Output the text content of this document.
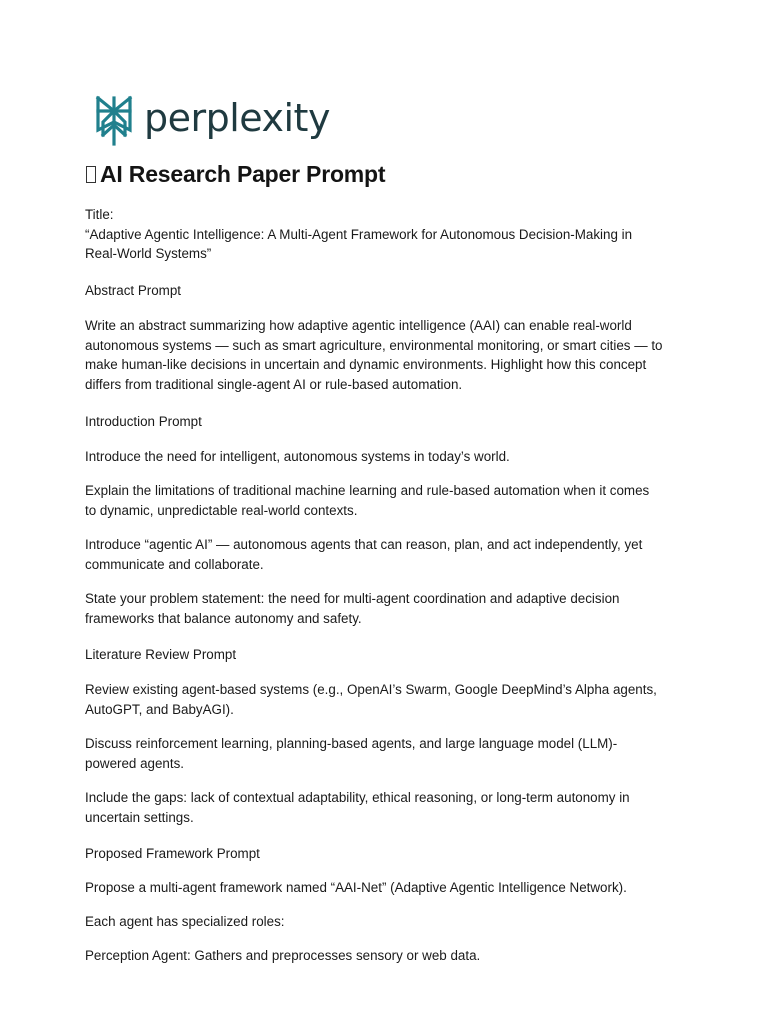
perplexity
AI Research Paper Prompt
Title:
“Adaptive Agentic Intelligence: A Multi-Agent Framework for Autonomous Decision-Making in
Real-World Systems”
Abstract Prompt
Write an abstract summarizing how adaptive agentic intelligence (AAI) can enable real-world
autonomous systems — such as smart agriculture, environmental monitoring, or smart cities — to
make human-like decisions in uncertain and dynamic environments. Highlight how this concept
differs from traditional single-agent AI or rule-based automation.
Introduction Prompt
Introduce the need for intelligent, autonomous systems in today’s world.
Explain the limitations of traditional machine learning and rule-based automation when it comes
to dynamic, unpredictable real-world contexts.
Introduce “agentic AI” — autonomous agents that can reason, plan, and act independently, yet
communicate and collaborate.
State your problem statement: the need for multi-agent coordination and adaptive decision
frameworks that balance autonomy and safety.
Literature Review Prompt
Review existing agent-based systems (e.g., OpenAI’s Swarm, Google DeepMind’s Alpha agents,
AutoGPT, and BabyAGI).
Discuss reinforcement learning, planning-based agents, and large language model (LLM)-
powered agents.
Include the gaps: lack of contextual adaptability, ethical reasoning, or long-term autonomy in
uncertain settings.
Proposed Framework Prompt
Propose a multi-agent framework named “AAI-Net” (Adaptive Agentic Intelligence Network).
Each agent has specialized roles:
Perception Agent: Gathers and preprocesses sensory or web data.
